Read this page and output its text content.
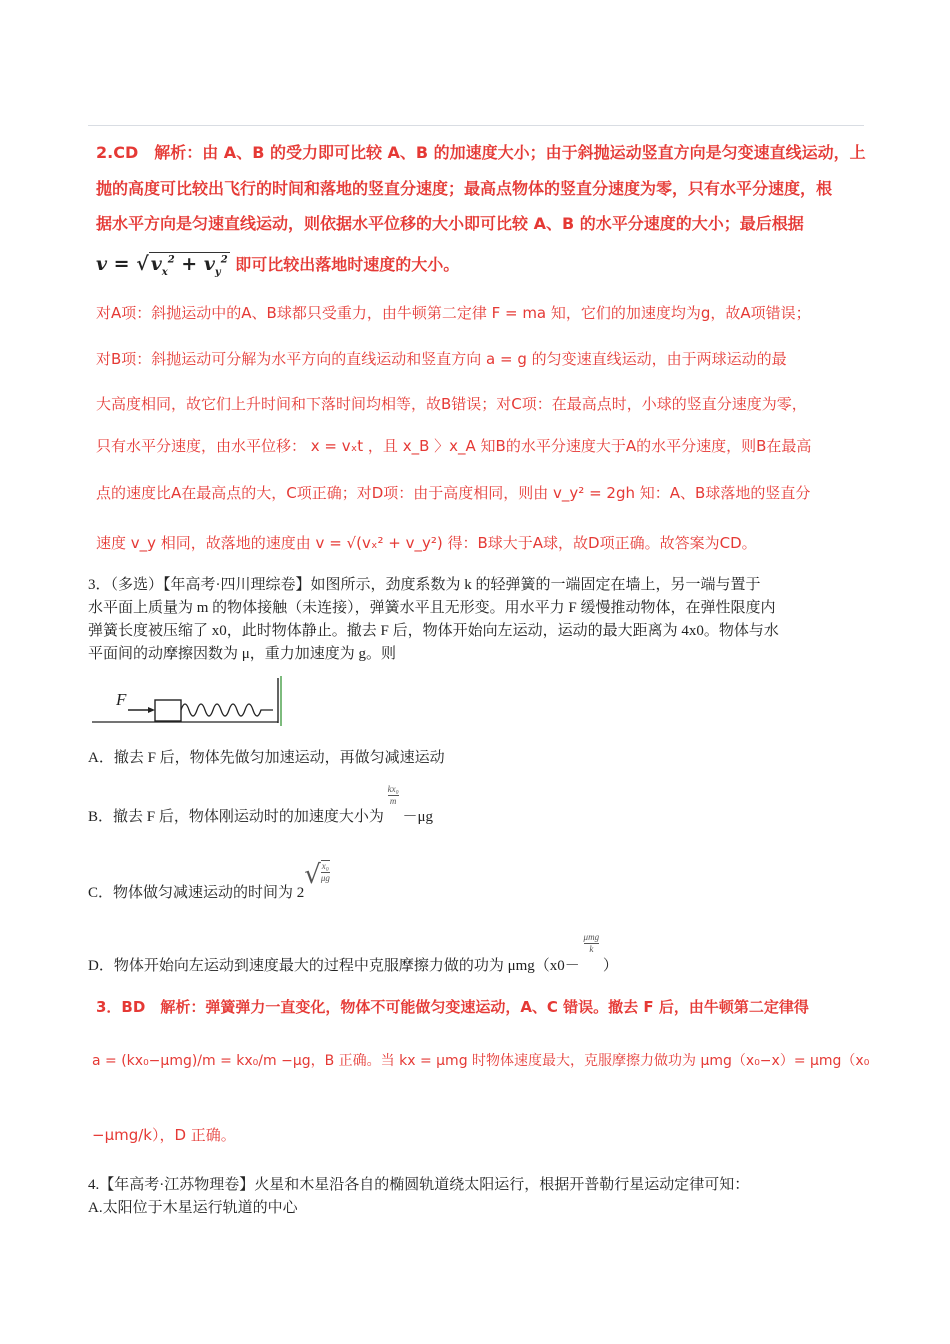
2.CD　解析：由 A、B 的受力即可比较 A、B 的加速度大小；由于斜抛运动竖直方向是匀变速直线运动，上
抛的高度可比较出飞行的时间和落地的竖直分速度；最高点物体的竖直分速度为零，只有水平分速度，根
据水平方向是匀速直线运动，则依据水平位移的大小即可比较 A、B 的水平分速度的大小；最后根据
v = √ $v_x^2 + v_y^2$ 即可比较出落地时速度的大小。
对A项：斜抛运动中的A、B球都只受重力，由牛顿第二定律 F = ma 知，它们的加速度均为g，故A项错误；
对B项：斜抛运动可分解为水平方向的直线运动和竖直方向 a = g 的匀变速直线运动，由于两球运动的最
大高度相同，故它们上升时间和下落时间均相等，故B错误；对C项：在最高点时，小球的竖直分速度为零，
只有水平分速度，由水平位移： x = vₓt ，且 x_B 〉x_A 知B的水平分速度大于A的水平分速度，则B在最高
点的速度比A在最高点的大，C项正确；对D项：由于高度相同，则由 v_y² = 2gh 知：A、B球落地的竖直分
速度 v_y 相同，故落地的速度由 v = √(vₓ² + v_y²) 得：B球大于A球，故D项正确。故答案为CD。
3．（多选）【年高考·四川理综卷】如图所示，劲度系数为 k 的轻弹簧的一端固定在墙上，另一端与置于
水平面上质量为 m 的物体接触（未连接），弹簧水平且无形变。用水平力 F 缓慢推动物体，在弹性限度内
弹簧长度被压缩了 x0，此时物体静止。撤去 F 后，物体开始向左运动，运动的最大距离为 4x0。物体与水
平面间的动摩擦因数为 μ，重力加速度为 g。则
F
A．撤去 F 后，物体先做匀加速运动，再做匀减速运动
B．撤去 F 后，物体刚运动时的加速度大小为 $\frac{\text{kx₀}}{m}$
－μg
C．物体做匀减速运动的时间为 $2√\frac{\text{x₀}}{\mu g}$
D．物体开始向左运动到速度最大的过程中克服摩擦力做的功为 $\mu mg(x0- \frac{\text{μmg}}{k}$
）
3．BD　解析：弹簧弹力一直变化，物体不可能做匀变速运动，A、C 错误。撤去 F 后，由牛顿第二定律得
a = (kx₀−μmg)/m = kx₀/m −μg，B 正确。当 kx = μmg 时物体速度最大，克服摩擦力做功为 μmg（x₀−x）= μmg（x₀
−μmg/k），D 正确。
4.【年高考·江苏物理卷】火星和木星沿各自的椭圆轨道绕太阳运行，根据开普勒行星运动定律可知：
A.太阳位于木星运行轨道的中心
